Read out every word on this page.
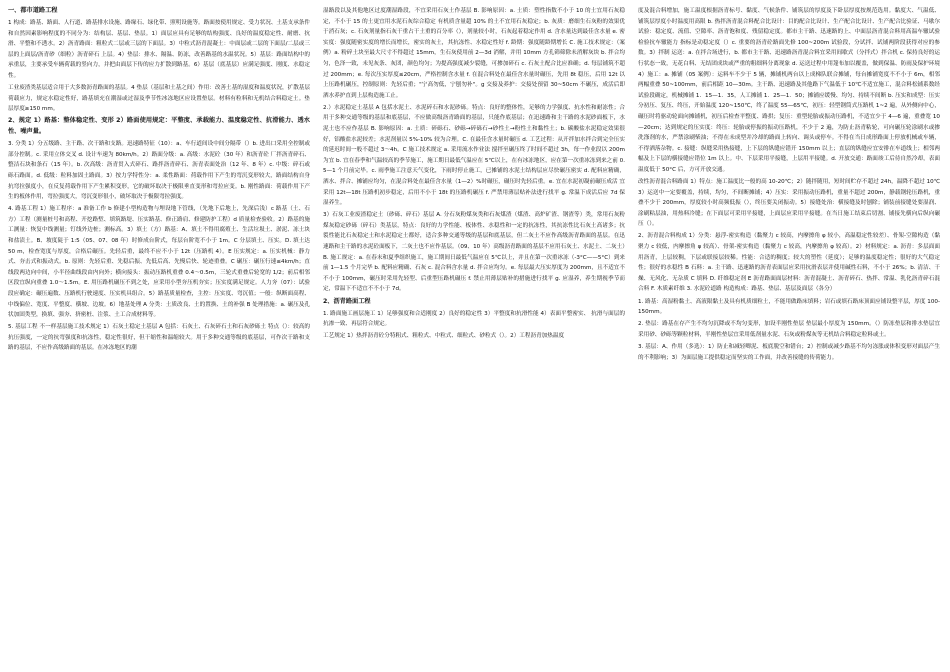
一、都市道路工程

1 构成：路基、路面、人行道、路基排水设施、路缘石、绿化带、照明设施等。路面按使用规定、受力状况、土基支承条件和自然因素影响程度的不同分为：结构层、基层、垫层。1）面层应具有足够的结构强度、良好的温度稳定性、耐磨、抗滑、平整和不透水。2）沥青路面：粗粒式二层或三层的下面层。3）中粒式沥青混凝土：中面层或二层的下面层/二层或三层的上面层/沥青砂（细粒）沥青碎石 上层。4）垫层：排水、隔温、防冻，改善路基的水温状况。5）基层：路面结构中的承重层，主要承受车辆荷载的竖向力，并把由面层下传的应力扩散到路基。6）基层（底基层）应满足强度、刚度、水稳定性。

工业废渣类基层适合用于大多数沥青路面的基层。4 垫层（基层和土基之间）作用：改善土基的湿度和温度状况，扩散基层荷载应力，规定水稳定性好，路基填充在潮湿或过湿及季节性冰冻地区应设置垫层。材料有粒料和无机结合料稳定土。垫层厚度≥150 mm。

2、规定 1）路基：整体稳定性、变形 2）路面使用规定：平整度、承载能力、温度稳定性、抗滑能力、透水性、噪声量。

3. 分类 1）分五级路、主干路、次干路和支路。迅速路特征（10）：a、车行道间设中间分隔带（）b. 进出口采用全控制或部分控制。c. 采用立体交叉 d. 设计车速为 80km/h。2）路面分级：a. 高级：水泥砼（30 年）和沥青砼 厂拌沥青碎石、整洁石块和条石（15 年）。b. 次高级：沥青贯入式碎石、路拌沥青碎石、沥青表面处治（12 年、8 年）c. 中级：碎石或砾石路面。d. 低级：粒料加固土路面。3）按力学特性分：a. 柔性路面：荷载作用下产生的弯沉变形较大，路面结构自身抗弯拉强度小，在反复荷载作用下产生累积变形，它的破坏取决于极限垂直变形和弯拉应变。b. 刚性路面：荷载作用下产生的板体作用，弯拉强度大，弯沉变形很小，破坏取决于极限弯拉强度。

4. 路基工程 1）施工程序：a 准备工作 b 修建小型构造物与埋设地下管线，（先地下后地上，先深后浅）c 路基（土、石方）工程（测量桩号和高程、开挖路堑、填筑路堤、压实路基、修正路肩、修建防护工程）d 质量检查验收。2）路基的施工测量：恢复中线测量；钉线外边桩；测标高。3）填土（方）路基：A、填土不得用腐殖土、生活垃圾土、淤泥、冻土块和盐渍土。B、坡度陡于 1:5（05、07、08 年）时修成台阶式，每层台阶宽不小于 1m。C 分层填土、压实。D. 填土达 50 m，检查宽度与厚度，合格后碾压。先轻后重，最终不应不小于 12t（压路机 4）。E 压实规定：a. 压实机械：静力式、夯击式和振动式。b. 原则：先轻后重、先稳后振、先低后高、先慢后快、轮迹重叠。C 碾压：碾压行速≤4km/h；直线段两边向中间，小半径曲线段由内向外；横向接头：振动压路机重叠 0.4～0.5m，三轮式重叠后轮宽的 1/2；前后相邻区段宜纵向重叠 1.0～1.5m。E. 用压路机碾压不到之处，应采用小型夯压机夯实；压实度满足规定。人力夯（07）：试验段应确定：碾压遍数、压路机行驶速度、压实机具组合。5）路基质量检查，主控：压实度、弯沉值；一般：纵断面高程、中线偏位、宽度、平整度、横坡、边坡。6）地基处理 A 分类：土质改良、土的置换、土的补强 B 处理措施：a. 碾压及孔状加固类型，换填、强夯、挤密桩、注浆、土工合成材料等。

5. 基层工程 不一样基层施工技术规定 1）石灰土稳定土基层 A 包括：石灰土、石灰碎石土和石灰砂砾土 特点（）：较高的抗压强度，一定的抗弯强度和抗冻性，稳定性很好，但干缩性和温缩较大。用于多种交通等级的底基层，可作次干路和支路的基层，不应作高级路面的基层。在冰冻地区的潮

湿路段以及其他地区过度潮湿路段，不宜采用石灰土作基层 B. 影响原因：a. 土质：塑性指数不小于 10 的土宜用石灰稳定，不小于 15 的土更宜用水泥石灰综合稳定 有机质含量超 10% 的土不宜用石灰稳定；b. 灰质：磨细生石灰粉的效果优于消石灰；c. 石灰剂量指石灰干重占干土重的百分率（），剂量较小时，石灰起着稳定作用 d. 含水量达到最佳含水量 e. 密实度：强度随密实度的增长而增长，密实的灰土，其抗冻性、水稳定性好 f. 龄期：强度随龄期增长 C. 施工技术规定：（案例）a. 粉碎土块至最大尺寸不得超过 15mm，生石灰使用前 2—3d 消解，并用 10mm 方孔筛筛除未消解灰块 b. 拌合均匀，色泽一致，未见灰条、灰团，颜色均匀；为提高强度减少裂缝，可掺加碎石 c. 石灰土配合比应准确；d. 每层铺筑不超过 200mm；e. 每次压实厚度≤20cm，严格控制含水量 f. 在混合料处在最佳含水量时碾压，先用 8t 稳压，后用 12t 以上压路机碾压，控制原则：先轻后重；"宁高勿低，宁刨勿补"。g 交接及养护：交接处预留 30~50cm 不碾压，成活后即洒水养护直到上层构造施工止。

2.）水泥稳定土基层 A 包括水泥土、水泥碎石和水泥砂砾。特点：良好的整体性，足够的力学强度、抗水性和耐冻性；合用于多种交通等级的基层和底基层，不应做高级沥青路面的基层，只能作底基层；在迅速路和主干路的水泥砂面板下，水泥土也不应作基层 B. 影响原因：a. 土质：碎砾石、砂砾→碎砾石→砂性土→粉性土和黏性土；b. 碳酸盐水泥稳定效果很好，铝酸盐水泥较差；水泥剂量以 5%-10% 较为合理。C. 在最佳含水量时碾压 d. 工艺过程：从开拌加水拌合到完全压实的延迟时间一般不超过 3～4h。C 施工技术规定 a. 采用流水作业法 搅拌至碾压终了时间不超过 3h，每一作业段以 200m 为宜 b. 宜在春季和气温较高的季节施工，施工期日最低气温应在 5℃以上，在有冰冻地区，应在第一次重冰冻到来之前 0.5—1 个月前完毕。c. 雨季施工注意天气变化，下雨时停止施工，已摊铺的水泥土结构层应尽快碾压密实 d. 配料应精确，洒水、拌合、摊铺应均匀，在混合料处在最佳含水量（1—2）%时碾压，碾压时先轻后重。e. 宜在水泥初凝前碾压成活 宜采用 12t—18t 压路机初步稳定，后用不小于 18t 的压路机碾压 f. 严禁用薄层贴补法进行找平 g. 常温下成活后应 7d 保湿养生。

3）石灰工业废渣稳定土（砂砾、碎石）基层 A. 分石灰粉煤灰类和石灰煤渣（煤渣、高炉矿渣、钢渣等）类，常用石灰粉煤灰稳定砂砾（碎石）类基层，特点：良好的力学性能、板体性、水稳性和一定的抗冻性，其抗冻性比石灰土高诸多；抗裂性能比石灰稳定土和水泥稳定土都好，适合多种交通等级的基层和底基层，但二灰土不应作高级沥青路面的基层。在迅速路和主干路的水泥砼面板下，二灰土也不应作基层。（09、10 年）高级沥青路面的基层不应用石灰土、水泥土、二灰土）B. 施工规定：a. 在春末和夏季组织施工，施工期间日最低气温应在 5℃以上，并且在第一次重冰冻（-3°C——5°C）到来前 1—1.5 个月完毕 b. 配料应精确、石灰 c. 混合料含水量 d. 拌合应均匀。e. 每层最大压实厚度为 200mm，且不适宜不不小于 100mm，碾压时采用先轻型、后重型压路机碾压 f. 禁止用薄层贴补的措施进行找平 g. 应湿养，养生期视季节而定，常温下不适宜不不小于 7d。

2、沥青路面工程

1. 路面施工画层施工 1）足够强度和合适刚度 2）良好的稳定性 3）平整度和抗滑性能 4）表面平整密实、 抗滑与面层的抗渗一致、再层符合规定。

工艺规定 1）热拌沥青砼分特粗式、粗粒式、中粒式、细粒式、砂粒式（）。2）工程沥青加热温度

度及混合料增加，施工温度根据沥青标号、黏度、气候条件、铺筑层的厚度及下卧层厚度按规范选用。黏度大、气温低、铺筑层厚度小时温度用高限 b. 热拌沥青混合料配合比设计：目的配合比设计、生产配合比设计、生产配合比验证、马歇尔试验：稳定度、流值、空隙率、沥青饱和度、残留稳定度。都市主干路、迅速路的上、中面层沥青混合料用高温车辙试验检验抗车辙能力 指标是动稳定度（）c. 重要的沥青砼路面先修 100~200m 试验段，分试拌、试铺两阶段获得对应的参数。3）拌制 运送：a. 在拌合场进行，b. 都市主干路、迅速路沥青混合料宜采用间歇式（分拌式）拌合机 c. 保持良好的运行状态一致，无花白料、无结团成块或严重的粗细料分离现象 d. 运送过程中用篷布加以覆盖，做到保温、防雨及保护环境 4）施工：a. 摊铺（05 案例）：运料车不少于 5 辆，摊铺机两台以上成梯队联合摊铺，每台摊铺宽度不不小于 6m，相邻两幅重叠 50~100mm，前后相距 10—30m。主干路、迅速路及其他路下气温低于 10℃不适宜施工，混合料松铺系数经试验段确定，机械摊铺 1．15—1．35，人工摊铺 1．25—1．50；摊铺应缓慢、均匀、持续不间断 b. 压实和成型：压实分初压、复压、终压，开始温度 120~150℃，终了温度 55—65℃，初压：轻型钢筒式压路机 1~2 遍，从外侧向中心，碾压时将驱动轮面向摊铺机，初压后检查平整度、路拱；复压：重型轮胎或振动压路机，不适宜少于 4—6 遍，重叠宽 10—20cm；达到规定的压实度：终压：轮胎或停振的振动压路机，不少于 2 遍，为防止沥青粘轮，可向碾压轮涂刷水或掺洗涤剂的水，严禁涂刷柴油；不得在未成型并冷却的路面上转向、调头或停车。不得在当日成形路面上停放机械或车辆，不得洒落杂物。c. 接缝：纵缝采用热接缝，上下层的纵缝应错开 150mm 以上；直层的纵缝应宜安排在车道线上；相邻两幅及上下层的横接缝应错位 1m 以上。中、下层采用平接缝，上层用平接缝。d. 开放交通：路面竣工后待自然冷却，表面温度低于 50°C 后，方可开放交通。

改性沥青混合料路面 1）特点：施工温度比一般的高 10-20℃；2）随拌随用，短时间贮存不超过 24h，温降不超过 10℃ 3）运送中一定要覆盖，持续，均匀，不间断摊铺；4）压实：采用振动压路机，重量不超过 200m，静载钢轮压路机，重叠不少于 200mm，厚度较小时高频低振（），终压要关闭振动。5）接缝处治：横接缝及时刨除；铺装前接缝处要湿润、涂刷粘层油，用热料冷缝；在下面层可采用平接缝，上面层应采用平接缝。在当日施工结束后切割、铺接先横向后纵向碾压（）。

2、沥青混合料构成 1）分类：悬浮-密实构造（黏聚力 c 较高，内摩擦角 φ 较小，高温稳定性较差）、骨架-空隙构造（黏聚力 c 较低，内摩擦角 φ 较高）、骨架-密实构造（黏聚力 c 较高，内摩擦角 φ 较高）。2）材料规定：a. 沥青：多层面面用沥青，上层较稠，下层或联接层较稀。性能：合适的稠度；较大的塑性（延度）；足够的温度稳定性；很好的大气稳定性；很好的水稳性 B 石料：a. 主干路、迅速路的沥青表面层应采用抗滑表层并使用碱性石料，不小于 26%；b. 清洁、干燥、无风化、无杂质 C 填料 D. 纤维稳定剂 E 沥青路面面层材料：沥青混凝土、沥青碎石、热拌、常温、乳化沥青碎石混合料 F. 木质素纤维 3. 水泥砼道路 构造构成：路基、垫层、基层及面层（各分）

1. 路基：高湿粉黏土、高液限黏土及具有机质细粒土，不能用做路床填料；岩石或填石路床顶面应铺设整平层，厚度 100-150mm。

2. 垫层：路基在存产生不均匀沉降或不均匀变形，加设半刚性垫层 垫层最小厚度为 150mm。（）防冻垫层和排水垫层宜采用砂、砂砾等颗粒材料，半刚性垫层宜采用低剂量水泥、石灰或粉煤灰等无机结合料稳定粒料或土。

3. 基层：A、作用（多选）：1）防止和减轻唧泥、板底脱空和错台；2）控制或减少路基不均匀冻胀或体积变形对面层产生的不利影响；3）为面层施工提供稳定而坚实的工作面，并改善接缝的传荷能力。
